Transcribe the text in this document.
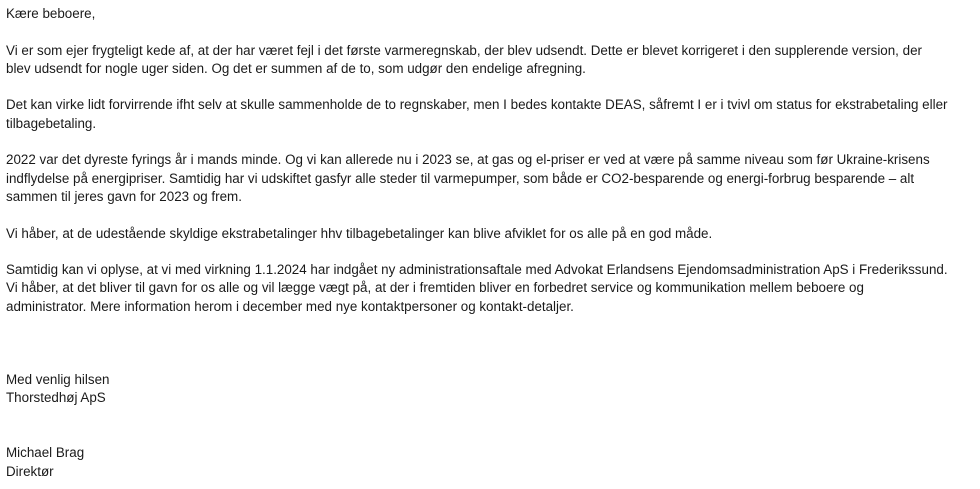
Kære beboere,

Vi er som ejer frygteligt kede af, at der har været fejl i det første varmeregnskab, der blev udsendt. Dette er blevet korrigeret i den supplerende version, der

blev udsendt for nogle uger siden. Og det er summen af de to, som udgør den endelige afregning.

Det kan virke lidt forvirrende ifht selv at skulle sammenholde de to regnskaber, men I bedes kontakte DEAS, såfremt I er i tvivl om status for ekstrabetaling eller

tilbagebetaling.

2022 var det dyreste fyrings år i mands minde. Og vi kan allerede nu i 2023 se, at gas og el-priser er ved at være på samme niveau som før Ukraine-krisens

indflydelse på energipriser. Samtidig har vi udskiftet gasfyr alle steder til varmepumper, som både er CO2-besparende og energi-forbrug besparende – alt

sammen til jeres gavn for 2023 og frem.

Vi håber, at de udestående skyldige ekstrabetalinger hhv tilbagebetalinger kan blive afviklet for os alle på en god måde.

Samtidig kan vi oplyse, at vi med virkning 1.1.2024 har indgået ny administrationsaftale med Advokat Erlandsens Ejendomsadministration ApS i Frederikssund.

Vi håber, at det bliver til gavn for os alle og vil lægge vægt på, at der i fremtiden bliver en forbedret service og kommunikation mellem beboere og

administrator. Mere information herom i december med nye kontaktpersoner og kontakt-detaljer.

Med venlig hilsen

Thorstedhøj ApS

Michael Brag

Direktør
